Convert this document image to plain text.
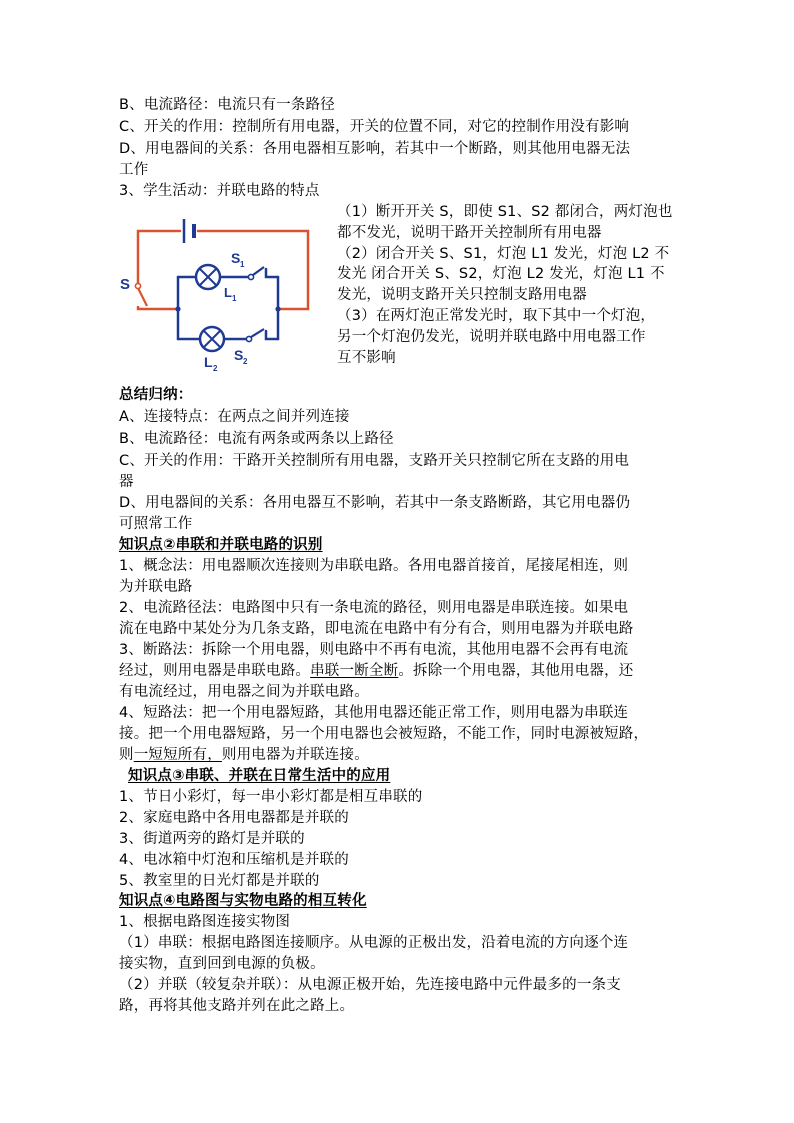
B、电流路径：电流只有一条路径
C、开关的作用：控制所有用电器，开关的位置不同，对它的控制作用没有影响
D、用电器间的关系：各用电器相互影响，若其中一个断路，则其他用电器无法
工作
3、学生活动：并联电路的特点
S	L 1
S 1
L 2
S 2
（1）断开开关 S，即使 S1、S2 都闭合，两灯泡也
都不发光，说明干路开关控制所有用电器
（2）闭合开关 S、S1，灯泡 L1 发光，灯泡 L2 不
发光 闭合开关 S、S2，灯泡 L2 发光，灯泡 L1 不
发光，说明支路开关只控制支路用电器
（3）在两灯泡正常发光时，取下其中一个灯泡，
另一个灯泡仍发光，说明并联电路中用电器工作
互不影响
总结归纳：
A、连接特点：在两点之间并列连接
B、电流路径：电流有两条或两条以上路径
C、开关的作用：干路开关控制所有用电器，支路开关只控制它所在支路的用电
器
D、用电器间的关系：各用电器互不影响，若其中一条支路断路，其它用电器仍
可照常工作
知识点②串联和并联电路的识别
1、概念法：用电器顺次连接则为串联电路。各用电器首接首，尾接尾相连，则
为并联电路
2、电流路径法：电路图中只有一条电流的路径，则用电器是串联连接。如果电
流在电路中某处分为几条支路，即电流在电路中有分有合，则用电器为并联电路
3、断路法：拆除一个用电器，则电路中不再有电流，其他用电器不会再有电流
经过，则用电器是串联电路。串联一断全断。拆除一个用电器，其他用电器，还
有电流经过，用电器之间为并联电路。
4、短路法：把一个用电器短路，其他用电器还能正常工作，则用电器为串联连
接。把一个用电器短路，另一个用电器也会被短路，不能工作，同时电源被短路，
则一短短所有，则用电器为并联连接。
知识点③串联、并联在日常生活中的应用
1、节日小彩灯，每一串小彩灯都是相互串联的
2、家庭电路中各用电器都是并联的
3、街道两旁的路灯是并联的
4、电冰箱中灯泡和压缩机是并联的
5、教室里的日光灯都是并联的
知识点④电路图与实物电路的相互转化
1、根据电路图连接实物图
（1）串联：根据电路图连接顺序。从电源的正极出发，沿着电流的方向逐个连
接实物，直到回到电源的负极。
（2）并联（较复杂并联）：从电源正极开始，先连接电路中元件最多的一条支
路，再将其他支路并列在此之路上。
